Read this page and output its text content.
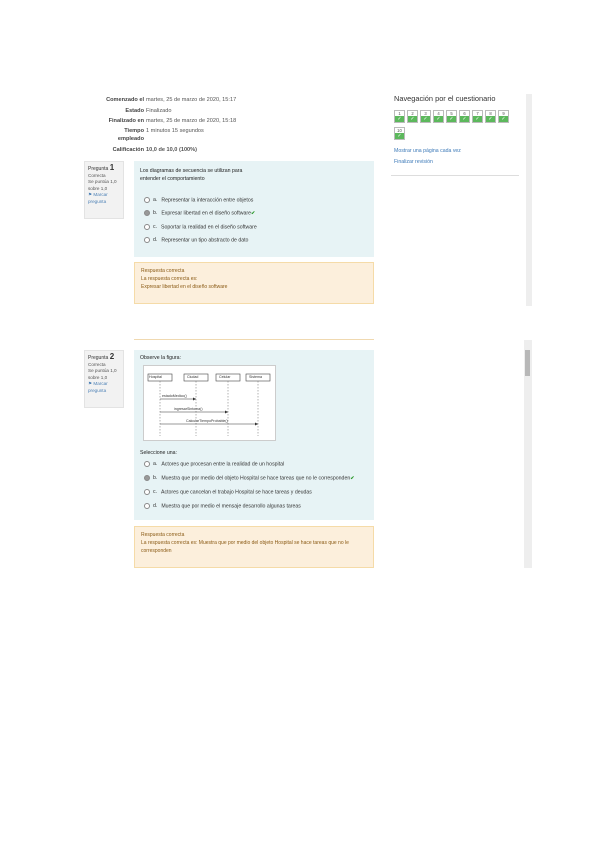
Comenzado el martes, 25 de marzo de 2020, 15:17
Estado Finalizado
Finalizado en martes, 25 de marzo de 2020, 15:18
Tiempo empleado
1 minutos 15 segundos
Calificación 10,0 de 10,0 (100%)
Navegación por el cuestionario
1
✓
2
✓
3
✓
4
✓
5
✓
6
✓
7
✓
8
✓
9
✓
10
✓
Mostrar una página cada vez
Finalizar revisión
Pregunta 1
Correcta
Se puntúa 1,0 sobre 1,0
⚑ Marcar pregunta
Los diagramas de secuencia se utilizan para
entender el comportamiento
a. Representar la interacción entre objetos
b. Expresar libertad en el diseño software✔
c. Soportar la realidad en el diseño software
d. Representar un tipo abstracto de dato
Respuesta correcta
La respuesta correcta es:
Expresar libertad en el diseño software
Pregunta 2
Correcta
Se puntúa 1,0 sobre 1,0
⚑ Marcar pregunta
Observe la figura:
Hospital	Ciudad	Celular	Sistema
estadoMedico()
ingresarSintoma()
CalcularTiempoProbable()
Seleccione una:
a. Actores que procesan entre la realidad de un hospital
b. Muestra que por medio del objeto Hospital se hace tareas que no le corresponden✔
c. Actores que cancelan el trabajo Hospital se hace tareas y deudas
d. Muestra que por medio el mensaje desarrollo algunas tareas
Respuesta correcta
La respuesta correcta es: Muestra que por medio del objeto Hospital se hace tareas que no le
corresponden
